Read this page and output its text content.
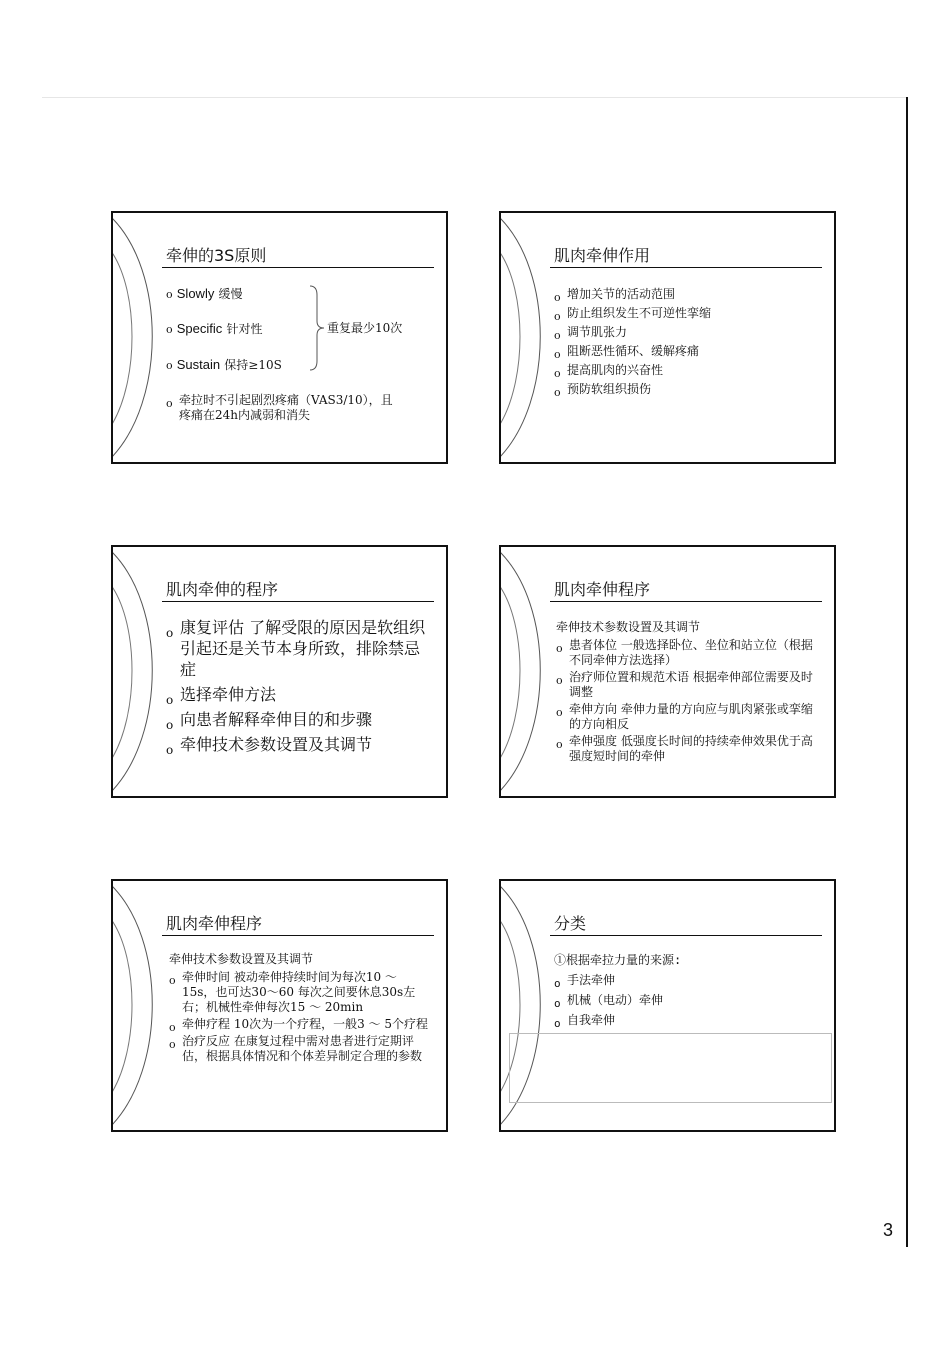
牵伸的3S原则
o Slowly 缓慢
o Specific 针对性
o Sustain 保持≥10S
重复最少10次
o 牵拉时不引起剧烈疼痛（VAS3/10），且疼痛在24h内减弱和消失
肌肉牵伸作用
o 增加关节的活动范围
o 防止组织发生不可逆性挛缩
o 调节肌张力
o 阻断恶性循环、缓解疼痛
o 提高肌肉的兴奋性
o 预防软组织损伤
肌肉牵伸的程序
o 康复评估 了解受限的原因是软组织引起还是关节本身所致，排除禁忌症
o 选择牵伸方法
o 向患者解释牵伸目的和步骤
o 牵伸技术参数设置及其调节
肌肉牵伸程序
牵伸技术参数设置及其调节
o 患者体位 一般选择卧位、坐位和站立位（根据不同牵伸方法选择）
o 治疗师位置和规范术语 根据牵伸部位需要及时调整
o 牵伸方向 牵伸力量的方向应与肌肉紧张或挛缩的方向相反
o 牵伸强度 低强度长时间的持续牵伸效果优于高强度短时间的牵伸
肌肉牵伸程序
牵伸技术参数设置及其调节
o 牵伸时间 被动牵伸持续时间为每次10 ～ 15s，也可达30～60 每次之间要休息30s左右；机械性牵伸每次15 ～ 20min
o 牵伸疗程 10次为一个疗程，一般3 ～ 5个疗程
o 治疗反应 在康复过程中需对患者进行定期评估，根据具体情况和个体差异制定合理的参数
分类
①根据牵拉力量的来源:
o 手法牵伸
o 机械（电动）牵伸
o 自我牵伸
3
